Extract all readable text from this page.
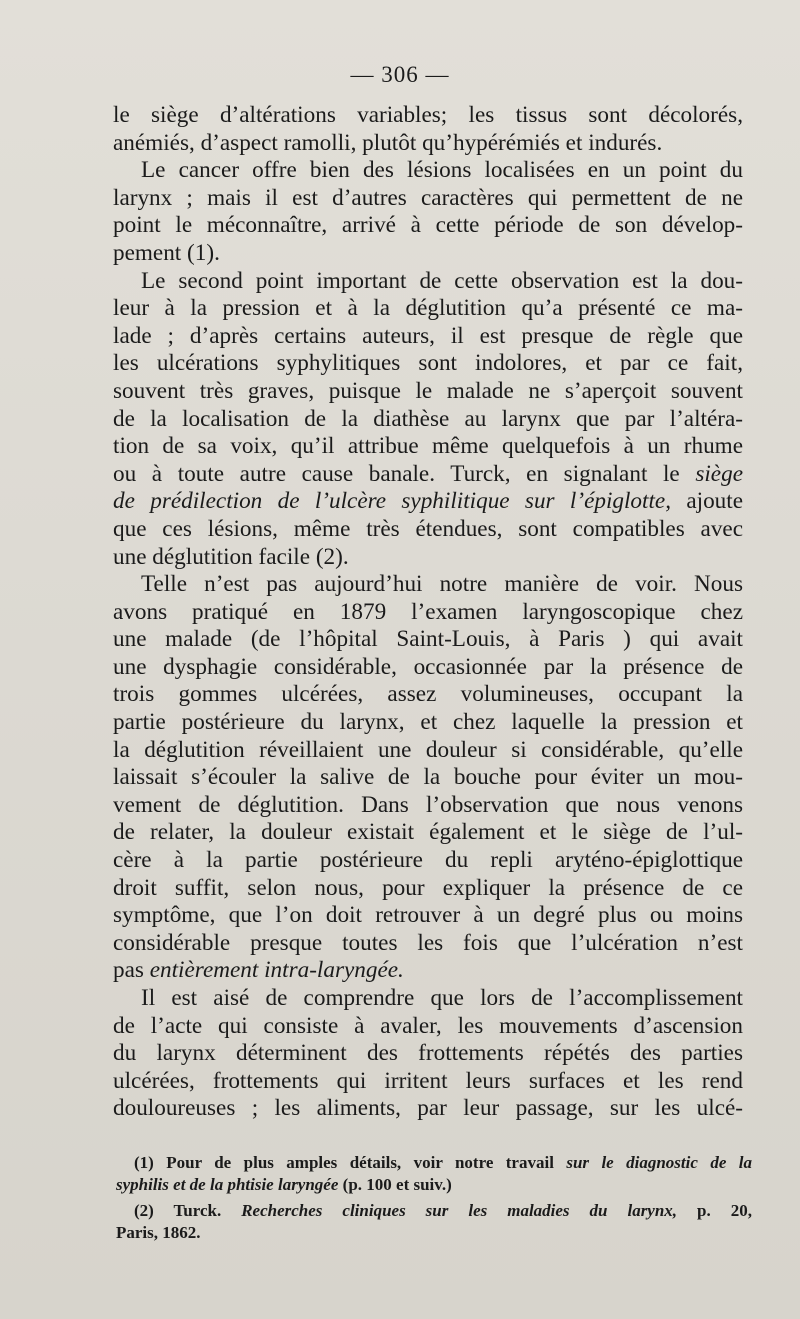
— 306 —

le siège d’altérations variables; les tissus sont décolorés,
anémiés, d’aspect ramolli, plutôt qu’hypérémiés et indurés.

Le cancer offre bien des lésions localisées en un point du
larynx ; mais il est d’autres caractères qui permettent de ne
point le méconnaître, arrivé à cette période de son dévelop-
pement (1).

Le second point important de cette observation est la dou-
leur à la pression et à la déglutition qu’a présenté ce ma-
lade ; d’après certains auteurs, il est presque de règle que
les ulcérations syphylitiques sont indolores, et par ce fait,
souvent très graves, puisque le malade ne s’aperçoit souvent
de la localisation de la diathèse au larynx que par l’altéra-
tion de sa voix, qu’il attribue même quelquefois à un rhume
ou à toute autre cause banale. Turck, en signalant le siège
de prédilection de l’ulcère syphilitique sur l’épiglotte, ajoute
que ces lésions, même très étendues, sont compatibles avec
une déglutition facile (2).

Telle n’est pas aujourd’hui notre manière de voir. Nous
avons pratiqué en 1879 l’examen laryngoscopique chez
une malade (de l’hôpital Saint-Louis, à Paris ) qui avait
une dysphagie considérable, occasionnée par la présence de
trois gommes ulcérées, assez volumineuses, occupant la
partie postérieure du larynx, et chez laquelle la pression et
la déglutition réveillaient une douleur si considérable, qu’elle
laissait s’écouler la salive de la bouche pour éviter un mou-
vement de déglutition. Dans l’observation que nous venons
de relater, la douleur existait également et le siège de l’ul-
cère à la partie postérieure du repli aryténo-épiglottique
droit suffit, selon nous, pour expliquer la présence de ce
symptôme, que l’on doit retrouver à un degré plus ou moins
considérable presque toutes les fois que l’ulcération n’est
pas entièrement intra-laryngée.

Il est aisé de comprendre que lors de l’accomplissement
de l’acte qui consiste à avaler, les mouvements d’ascension
du larynx déterminent des frottements répétés des parties
ulcérées, frottements qui irritent leurs surfaces et les rend
douloureuses ; les aliments, par leur passage, sur les ulcé-

(1) Pour de plus amples détails, voir notre travail sur le diagnostic de la
syphilis et de la phtisie laryngée (p. 100 et suiv.)
(2) Turck. Recherches cliniques sur les maladies du larynx, p. 20,
Paris, 1862.
